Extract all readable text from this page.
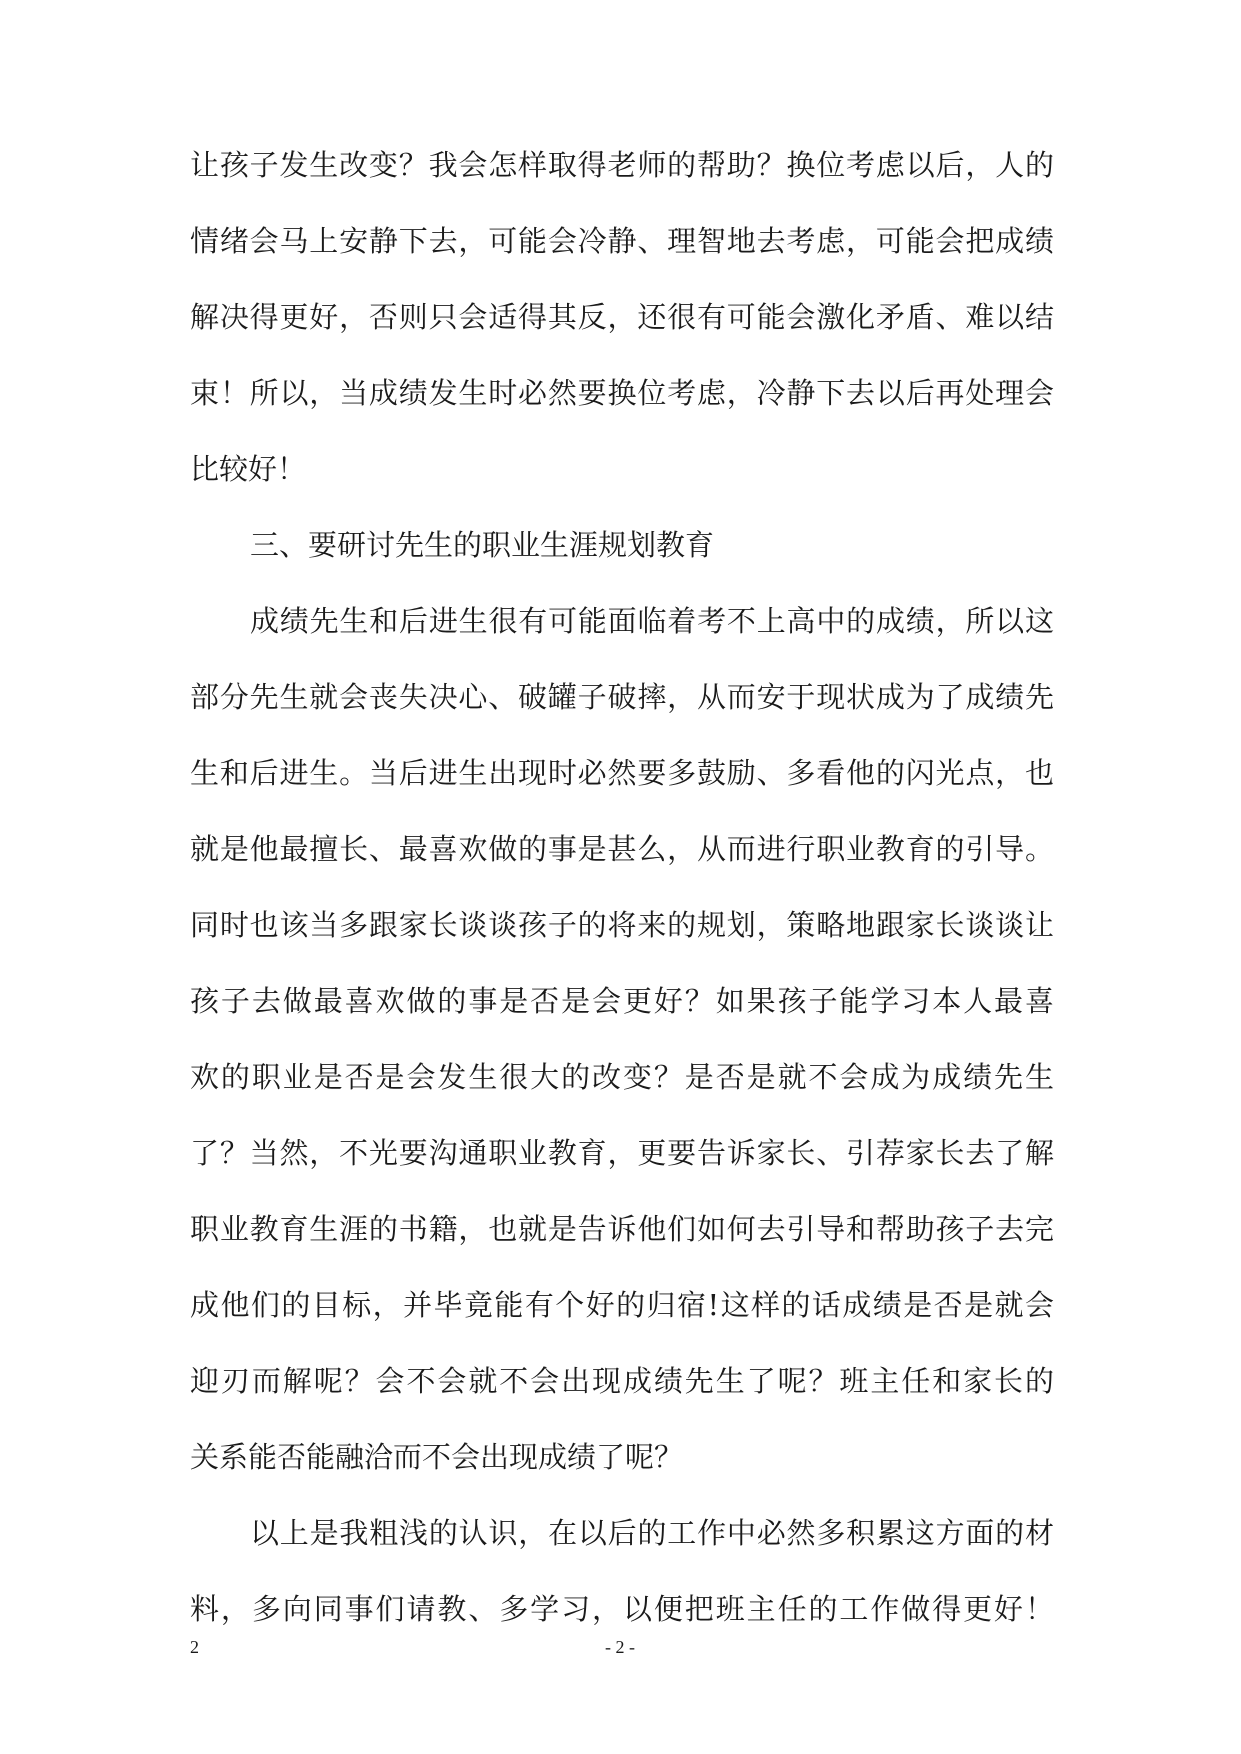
让孩子发生改变？我会怎样取得老师的帮助？换位考虑以后，人的
情绪会马上安静下去，可能会冷静、理智地去考虑，可能会把成绩
解决得更好，否则只会适得其反，还很有可能会激化矛盾、难以结
束！所以，当成绩发生时必然要换位考虑，冷静下去以后再处理会
比较好！
三、要研讨先生的职业生涯规划教育
成绩先生和后进生很有可能面临着考不上高中的成绩，所以这
部分先生就会丧失决心、破罐子破摔，从而安于现状成为了成绩先
生和后进生。当后进生出现时必然要多鼓励、多看他的闪光点，也
就是他最擅长、最喜欢做的事是甚么，从而进行职业教育的引导。
同时也该当多跟家长谈谈孩子的将来的规划，策略地跟家长谈谈让
孩子去做最喜欢做的事是否是会更好？如果孩子能学习本人最喜
欢的职业是否是会发生很大的改变？是否是就不会成为成绩先生
了？当然，不光要沟通职业教育，更要告诉家长、引荐家长去了解
职业教育生涯的书籍，也就是告诉他们如何去引导和帮助孩子去完
成他们的目标，并毕竟能有个好的归宿!这样的话成绩是否是就会
迎刃而解呢？会不会就不会出现成绩先生了呢？班主任和家长的
关系能否能融洽而不会出现成绩了呢？
以上是我粗浅的认识，在以后的工作中必然多积累这方面的材
料，多向同事们请教、多学习，以便把班主任的工作做得更好！
2	- 2 -
